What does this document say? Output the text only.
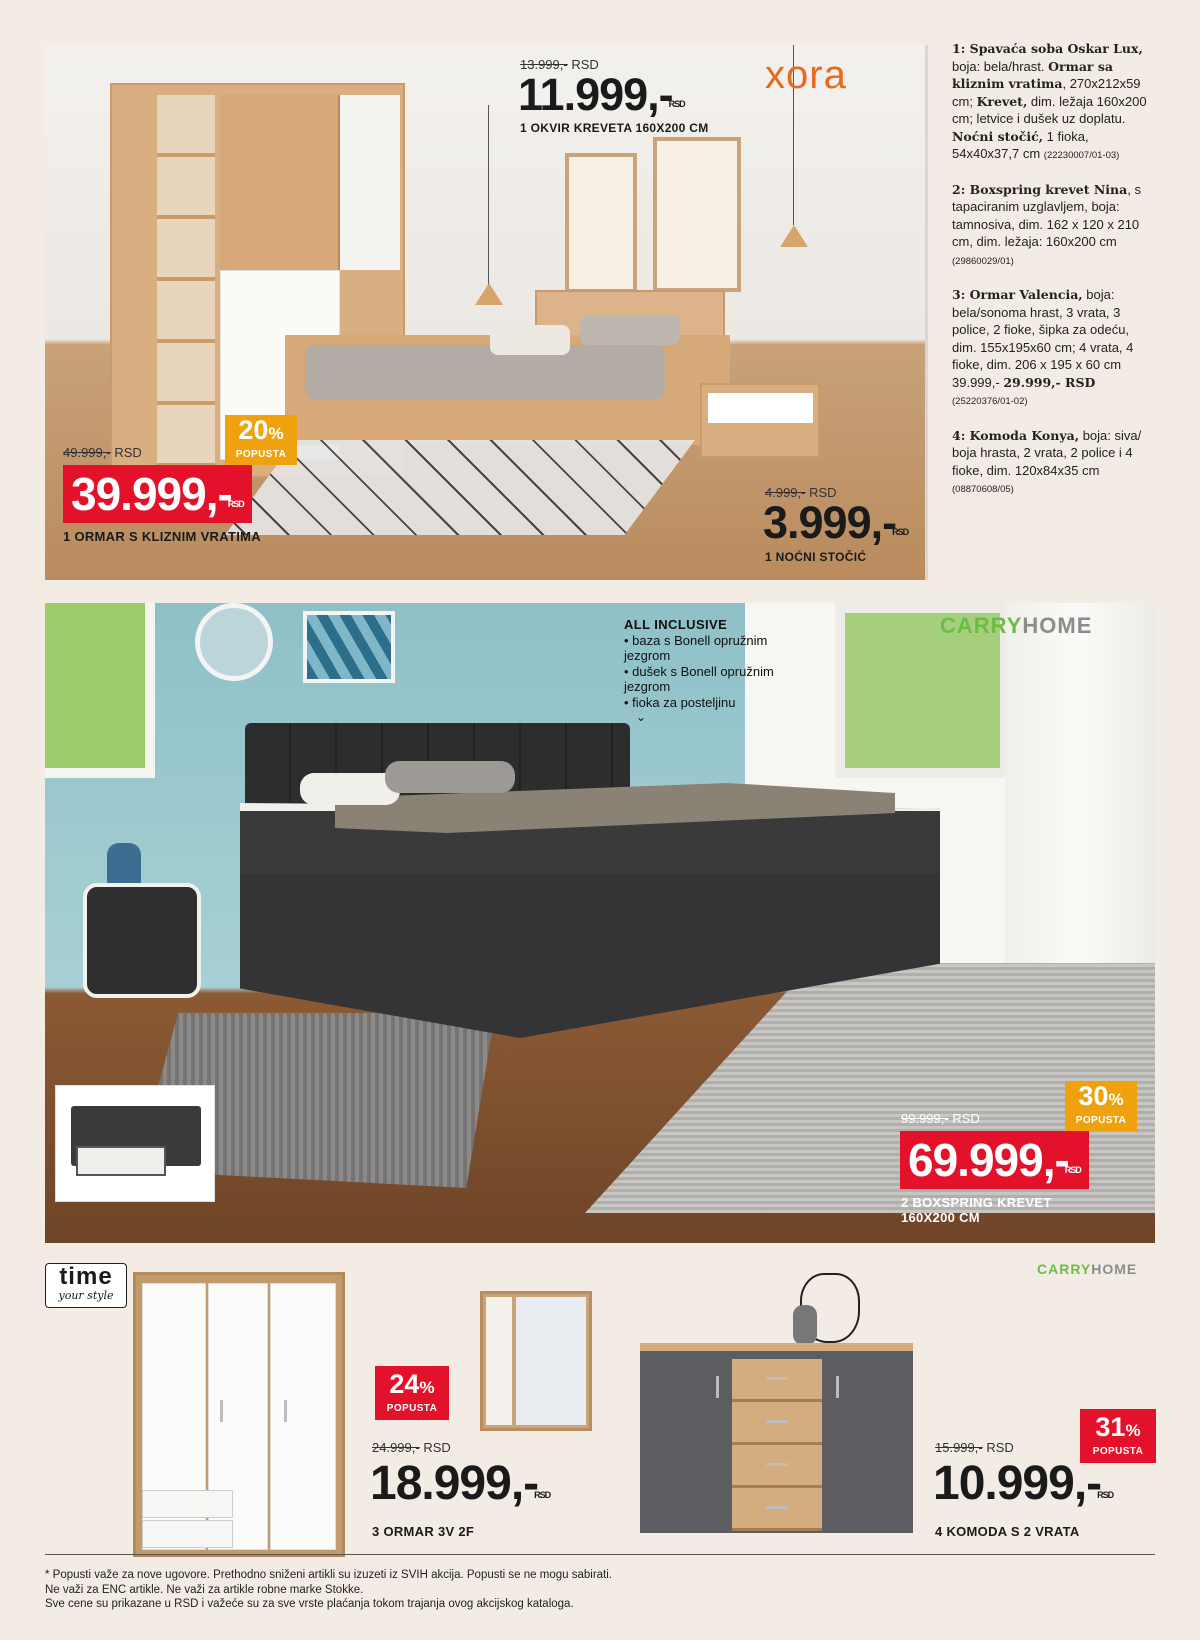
xora
13.999,- RSD
11.999,-
RSD
1 OKVIR KREVETA 160X200 CM
20%
POPUSTA
49.999,- RSD
39.999,-
RSD
1 ORMAR S KLIZNIM VRATIMA
4.999,- RSD
3.999,-
RSD
1 NOĆNI STOČIĆ

1: Spavaća soba Oskar Lux, boja: bela/hrast. Ormar sa kliznim vratima, 270x212x59 cm; Krevet, dim. ležaja 160x200 cm; letvice i dušek uz doplatu. Noćni stočić, 1 fioka, 54x40x37,7 cm (22230007/01-03)

2: Boxspring krevet Nina, s tapaciranim uzglavljem, boja: tamnosiva, dim. 162 x 120 x 210 cm, dim. ležaja: 160x200 cm (29860029/01)

3: Ormar Valencia, boja: bela/sonoma hrast, 3 vrata, 3 police, 2 fioke, šipka za odeću, dim. 155x195x60 cm; 4 vrata, 4 fioke, dim. 206 x 195 x 60 cm 39.999,- 29.999,- RSD
(25220376/01-02)

4: Komoda Konya, boja: siva/ boja hrasta, 2 vrata, 2 police i 4 fioke, dim. 120x84x35 cm (08870608/05)

CARRYHOME
30%
POPUSTA
99.999,- RSD
69.999,-
RSD
2 BOXSPRING KREVET
160X200 CM
ALL INCLUSIVE
• baza s Bonell opružnim jezgrom
• dušek s Bonell opružnim jezgrom
• fioka za posteljinu
⌄
time
your style
CARRYHOME
24%
POPUSTA
24.999,- RSD
18.999,-
RSD
3 ORMAR 3V 2F
31%
POPUSTA
15.999,- RSD
10.999,-
RSD
4 KOMODA S 2 VRATA
* Popusti važe za nove ugovore. Prethodno sniženi artikli su izuzeti iz SVIH akcija. Popusti se ne mogu sabirati.
Ne važi za ENC artikle. Ne važi za artikle robne marke Stokke.
Sve cene su prikazane u RSD i važeće su za sve vrste plaćanja tokom trajanja ovog akcijskog kataloga.
